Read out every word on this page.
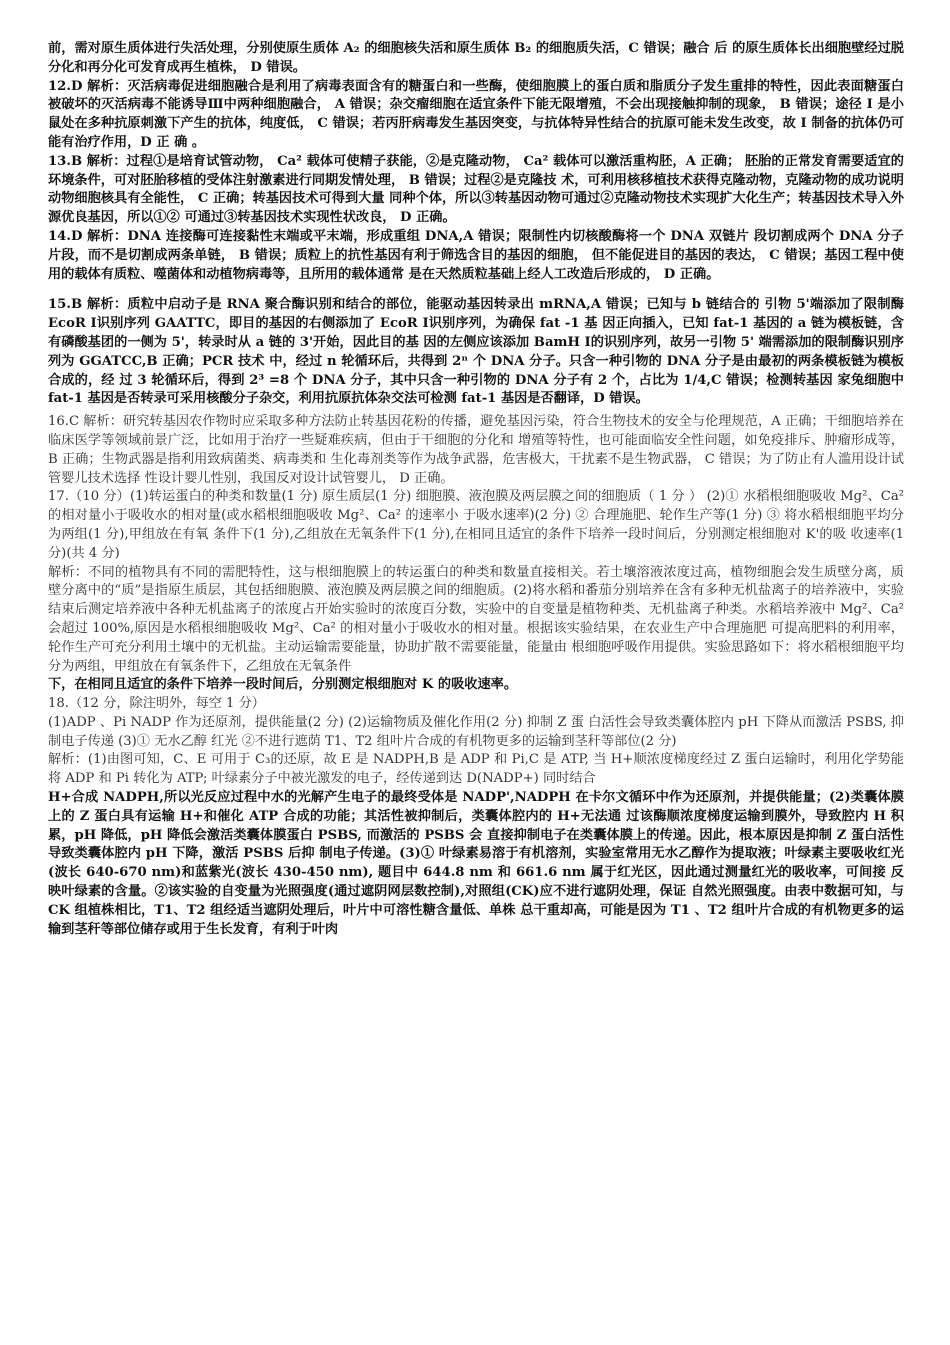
前，需对原生质体进行失活处理，分别使原生质体 A₂ 的细胞核失活和原生质体 B₂ 的细胞质失活，C 错误；融合 后 的原生质体长出细胞壁经过脱分化和再分化可发育成再生植株， D 错误。

12.D 解析：灭活病毒促进细胞融合是利用了病毒表面含有的糖蛋白和一些酶，使细胞膜上的蛋白质和脂质分子发生重排的特性，因此表面糖蛋白被破坏的灭活病毒不能诱导Ⅲ中两种细胞融合， A 错误；杂交瘤细胞在适宜条件下能无限增殖，不会出现接触抑制的现象， B 错误；途径 I 是小鼠处在多种抗原刺激下产生的抗体，纯度低， C 错误；若丙肝病毒发生基因突变，与抗体特异性结合的抗原可能未发生改变，故 I 制备的抗体仍可能有治疗作用，D 正 确 。

13.B 解析：过程①是培育试管动物， Ca² 载体可使精子获能，②是克隆动物， Ca² 载体可以激活重构胚，A 正确； 胚胎的正常发育需要适宜的环境条件，可对胚胎移植的受体注射激素进行同期发情处理， B 错误；过程②是克隆技 术，可利用核移植技术获得克隆动物，克隆动物的成功说明动物细胞核具有全能性， C 正确；转基因技术可得到大量 同种个体，所以③转基因动物可通过②克隆动物技术实现扩大化生产；转基因技术导入外源优良基因，所以①② 可通过③转基因技术实现性状改良， D 正确。

14.D 解析：DNA 连接酶可连接黏性末端或平末端，形成重组 DNA,A 错误；限制性内切核酸酶将一个 DNA 双链片 段切割成两个 DNA 分子片段，而不是切割成两条单链， B 错误；质粒上的抗性基因有利于筛选含目的基因的细胞， 但不能促进目的基因的表达， C 错误；基因工程中使用的载体有质粒、噬菌体和动植物病毒等，且所用的载体通常 是在天然质粒基础上经人工改造后形成的， D 正确。

15.B 解析：质粒中启动子是 RNA 聚合酶识别和结合的部位，能驱动基因转录出 mRNA,A 错误；已知与 b 链结合的 引物 5'端添加了限制酶 EcoR Ⅰ识别序列 GAATTC，即目的基因的右侧添加了 EcoR Ⅰ识别序列，为确保 fat -1 基 因正向插入，已知 fat-1 基因的 a 链为模板链，含有磷酸基团的一侧为 5'，转录时从 a 链的 3'开始，因此目的基 因的左侧应该添加 BamH Ⅰ的识别序列，故另一引物 5' 端需添加的限制酶识别序列为 GGATCC,B 正确；PCR 技术 中，经过 n 轮循环后，共得到 2ⁿ 个 DNA 分子。只含一种引物的 DNA 分子是由最初的两条模板链为模板合成的，经 过 3 轮循环后，得到 2³ =8 个 DNA 分子，其中只含一种引物的 DNA 分子有 2 个，占比为 1/4,C 错误；检测转基因 家兔细胞中 fat-1 基因是否转录可采用核酸分子杂交，利用抗原抗体杂交法可检测 fat-1 基因是否翻译，D 错误。

16.C 解析：研究转基因农作物时应采取多种方法防止转基因花粉的传播，避免基因污染，符合生物技术的安全与伦理规范，A 正确；干细胞培养在临床医学等领域前景广泛，比如用于治疗一些疑难疾病，但由于干细胞的分化和 增殖等特性，也可能面临安全性问题，如免疫排斥、肿瘤形成等， B 正确；生物武器是指利用致病菌类、病毒类和 生化毒剂类等作为战争武器，危害极大，干扰素不是生物武器， C 错误；为了防止有人滥用设计试管婴儿技术选择 性设计婴儿性别，我国反对设计试管婴儿， D 正确。

17.（10 分）(1)转运蛋白的种类和数量(1 分) 原生质层(1 分) 细胞膜、液泡膜及两层膜之间的细胞质（ 1 分 ） (2)① 水稻根细胞吸收 Mg²、Ca² 的相对量小于吸收水的相对量(或水稻根细胞吸收 Mg²、Ca² 的速率小 于吸水速率)(2 分) ② 合理施肥、轮作生产等(1 分) ③ 将水稻根细胞平均分为两组(1 分),甲组放在有氧 条件下(1 分),乙组放在无氧条件下(1 分),在相同且适宜的条件下培养一段时间后，分别测定根细胞对 K'的吸 收速率(1 分)(共 4 分)

解析：不同的植物具有不同的需肥特性，这与根细胞膜上的转运蛋白的种类和数量直接相关。若土壤溶液浓度过高，植物细胞会发生质壁分离，质壁分离中的“质”是指原生质层，其包括细胞膜、液泡膜及两层膜之间的细胞质。(2)将水稻和番茄分别培养在含有多种无机盐离子的培养液中，实验结束后测定培养液中各种无机盐离子的浓度占开始实验时的浓度百分数，实验中的自变量是植物种类、无机盐离子种类。水稻培养液中 Mg²、Ca² 会超过 100%,原因是水稻根细胞吸收 Mg²、Ca² 的相对量小于吸收水的相对量。根据该实验结果，在农业生产中合理施肥 可提高肥料的利用率，轮作生产可充分利用土壤中的无机盐。主动运输需要能量，协助扩散不需要能量，能量由 根细胞呼吸作用提供。实验思路如下：将水稻根细胞平均分为两组，甲组放在有氧条件下，乙组放在无氧条件

下，在相同且适宜的条件下培养一段时间后，分别测定根细胞对 K 的吸收速率。

18.（12 分，除注明外，每空 1 分）

(1)ADP 、Pi NADP 作为还原剂，提供能量(2 分) (2)运输物质及催化作用(2 分) 抑制 Z 蛋 白活性会导致类囊体腔内 pH 下降从而激活 PSBS, 抑制电子传递 (3)① 无水乙醇 红光 ②不进行遮荫 T1、T2 组叶片合成的有机物更多的运输到茎秆等部位(2 分)

解析：(1)由图可知，C、E 可用于 C₃的还原，故 E 是 NADPH,B 是 ADP 和 Pi,C 是 ATP, 当 H+顺浓度梯度经过 Z 蛋白运输时，利用化学势能将 ADP 和 Pi 转化为 ATP; 叶绿素分子中被光激发的电子，经传递到达 D(NADP+) 同时结合

H+合成 NADPH,所以光反应过程中水的光解产生电子的最终受体是 NADP',NADPH 在卡尔文循环中作为还原剂，并提供能量；(2)类囊体膜上的 Z 蛋白具有运输 H+和催化 ATP 合成的功能；其活性被抑制后，类囊体腔内的 H+无法通 过该酶顺浓度梯度运输到膜外，导致腔内 H 积累，pH 降低，pH 降低会激活类囊体膜蛋白 PSBS, 而激活的 PSBS 会 直接抑制电子在类囊体膜上的传递。因此，根本原因是抑制 Z 蛋白活性导致类囊体腔内 pH 下降，激活 PSBS 后抑 制电子传递。(3)① 叶绿素易溶于有机溶剂，实验室常用无水乙醇作为提取液；叶绿素主要吸收红光(波长 640-670 nm)和蓝紫光(波长 430-450 nm), 题目中 644.8 nm 和 661.6 nm 属于红光区，因此通过测量红光的吸收率，可间接 反映叶绿素的含量。②该实验的自变量为光照强度(通过遮阴网层数控制),对照组(CK)应不进行遮阴处理，保证 自然光照强度。由表中数据可知，与 CK 组植株相比，T1、T2 组经适当遮阴处理后，叶片中可溶性糖含量低、单株 总干重却高，可能是因为 T1 、T2 组叶片合成的有机物更多的运输到茎秆等部位储存或用于生长发育，有利于叶肉
